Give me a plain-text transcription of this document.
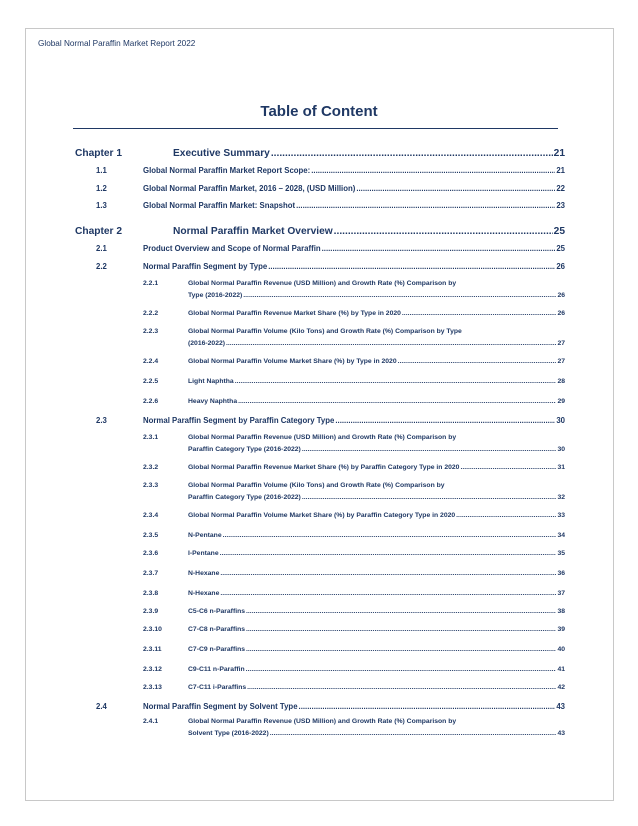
Global Normal Paraffin Market Report 2022
Table of Content
Chapter 1	Executive Summary .....	21
1.1	Global Normal Paraffin Market Report Scope: .....	21
1.2	Global Normal Paraffin Market, 2016 – 2028, (USD Million) .....	22
1.3	Global Normal Paraffin Market: Snapshot .....	23
Chapter 2	Normal Paraffin Market Overview .....	25
2.1	Product Overview and Scope of Normal Paraffin .....	25
2.2	Normal Paraffin Segment by Type .....	26
2.2.1	Global Normal Paraffin Revenue (USD Million) and Growth Rate (%) Comparison by
Type (2016-2022) .....	26
2.2.2	Global Normal Paraffin Revenue Market Share (%) by Type in 2020 .....	26
2.2.3	Global Normal Paraffin Volume (Kilo Tons) and Growth Rate (%) Comparison by Type
(2016-2022) .....	27
2.2.4	Global Normal Paraffin Volume Market Share (%) by Type in 2020 .....	27
2.2.5	Light Naphtha .....	28
2.2.6	Heavy Naphtha .....	29
2.3	Normal Paraffin Segment by Paraffin Category Type .....	30
2.3.1	Global Normal Paraffin Revenue (USD Million) and Growth Rate (%) Comparison by
Paraffin Category Type (2016-2022) .....	30
2.3.2	Global Normal Paraffin Revenue Market Share (%) by Paraffin Category Type in 2020 .....	31
2.3.3	Global Normal Paraffin Volume (Kilo Tons) and Growth Rate (%) Comparison by
Paraffin Category Type (2016-2022) .....	32
2.3.4	Global Normal Paraffin Volume Market Share (%) by Paraffin Category Type in 2020 .....	33
2.3.5	N-Pentane .....	34
2.3.6	I-Pentane .....	35
2.3.7	N-Hexane .....	36
2.3.8	N-Hexane .....	37
2.3.9	C5-C6 n-Paraffins .....	38
2.3.10	C7-C8 n-Paraffins .....	39
2.3.11	C7-C9 n-Paraffins .....	40
2.3.12	C9-C11 n-Paraffin .....	41
2.3.13	C7-C11 i-Paraffins .....	42
2.4	Normal Paraffin Segment by Solvent Type .....	43
2.4.1	Global Normal Paraffin Revenue (USD Million) and Growth Rate (%) Comparison by
Solvent Type (2016-2022) .....	43
